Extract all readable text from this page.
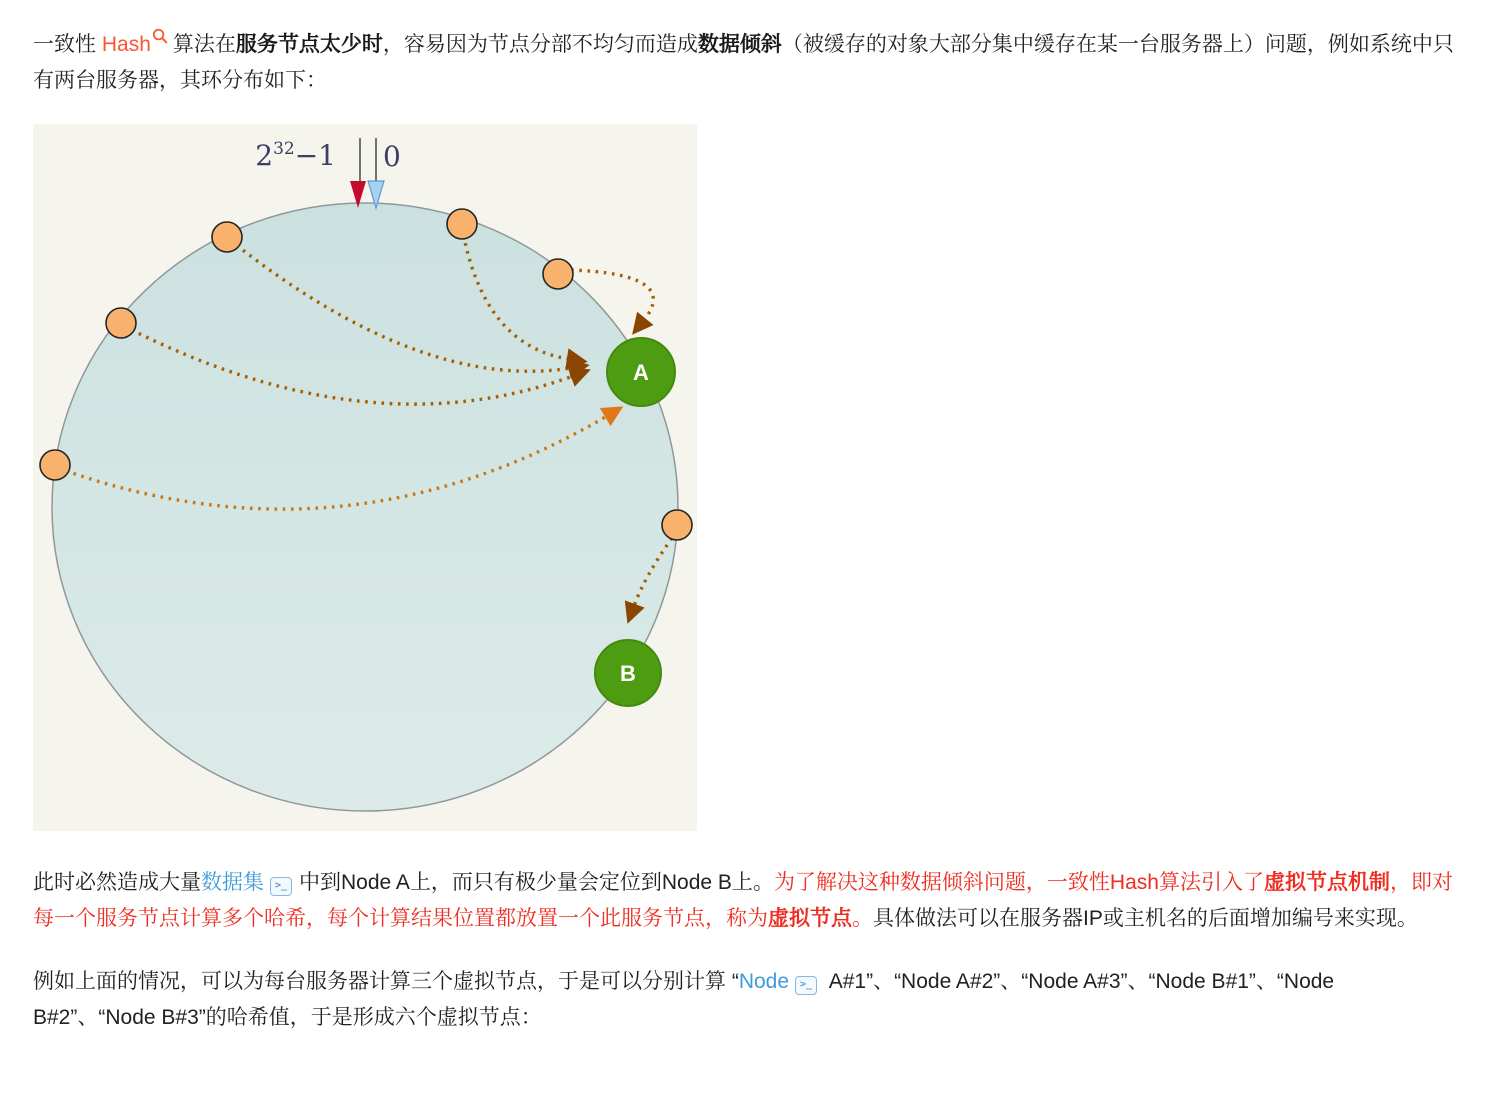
一致性 Hash 算法在服务节点太少时，容易因为节点分部不均匀而造成数据倾斜（被缓存的对象大部分集中缓存在某一台服务器上）问题，例如系统中只有两台服务器，其环分布如下：

A
B
$2^{32}-1$ 0

此时必然造成大量数据集 >_ 中到Node A上，而只有极少量会定位到Node B上。为了解决这种数据倾斜问题，一致性Hash算法引入了虚拟节点机制，即对每一个服务节点计算多个哈希，每个计算结果位置都放置一个此服务节点，称为虚拟节点。具体做法可以在服务器IP或主机名的后面增加编号来实现。

例如上面的情况，可以为每台服务器计算三个虚拟节点，于是可以分别计算 “Node >_ A#1”、“Node A#2”、“Node A#3”、“Node B#1”、“Node B#2”、“Node B#3”的哈希值，于是形成六个虚拟节点：
